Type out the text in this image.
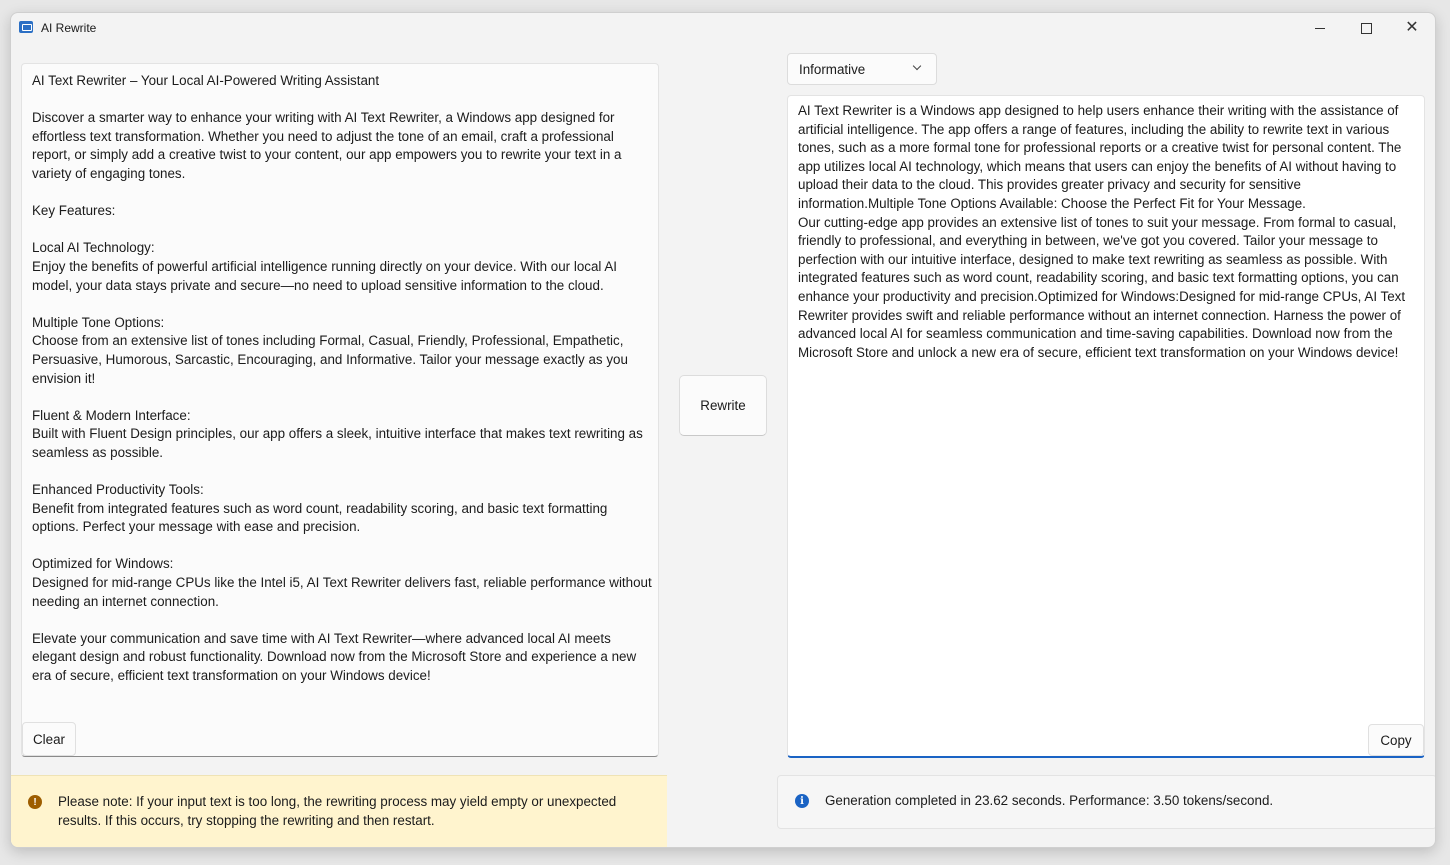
AI Rewrite	✕
AI Text Rewriter – Your Local AI-Powered Writing Assistant

Discover a smarter way to enhance your writing with AI Text Rewriter, a Windows app designed for effortless text transformation. Whether you need to adjust the tone of an email, craft a professional report, or simply add a creative twist to your content, our app empowers you to rewrite your text in a variety of engaging tones.

Key Features:

Local AI Technology:
Enjoy the benefits of powerful artificial intelligence running directly on your device. With our local AI model, your data stays private and secure—no need to upload sensitive information to the cloud.

Multiple Tone Options:
Choose from an extensive list of tones including Formal, Casual, Friendly, Professional, Empathetic, Persuasive, Humorous, Sarcastic, Encouraging, and Informative. Tailor your message exactly as you envision it!

Fluent & Modern Interface:
Built with Fluent Design principles, our app offers a sleek, intuitive interface that makes text rewriting as seamless as possible.

Enhanced Productivity Tools:
Benefit from integrated features such as word count, readability scoring, and basic text formatting options. Perfect your message with ease and precision.

Optimized for Windows:
Designed for mid-range CPUs like the Intel i5, AI Text Rewriter delivers fast, reliable performance without needing an internet connection.

Elevate your communication and save time with AI Text Rewriter—where advanced local AI meets elegant design and robust functionality. Download now from the Microsoft Store and experience a new era of secure, efficient text transformation on your Windows device!
Clear
Rewrite
Informative
AI Text Rewriter is a Windows app designed to help users enhance their writing with the assistance of artificial intelligence. The app offers a range of features, including the ability to rewrite text in various tones, such as a more formal tone for professional reports or a creative twist for personal content. The app utilizes local AI technology, which means that users can enjoy the benefits of AI without having to upload their data to the cloud. This provides greater privacy and security for sensitive information.Multiple Tone Options Available: Choose the Perfect Fit for Your Message.
Our cutting-edge app provides an extensive list of tones to suit your message. From formal to casual, friendly to professional, and everything in between, we've got you covered. Tailor your message to perfection with our intuitive interface, designed to make text rewriting as seamless as possible. With integrated features such as word count, readability scoring, and basic text formatting options, you can enhance your productivity and precision.Optimized for Windows:Designed for mid-range CPUs, AI Text Rewriter provides swift and reliable performance without an internet connection. Harness the power of advanced local AI for seamless communication and time-saving capabilities. Download now from the Microsoft Store and unlock a new era of secure, efficient text transformation on your Windows device!
Copy
!	Please note: If your input text is too long, the rewriting process may yield empty or unexpected results. If this occurs, try stopping the rewriting and then restart.
i	Generation completed in 23.62 seconds. Performance: 3.50 tokens/second.
